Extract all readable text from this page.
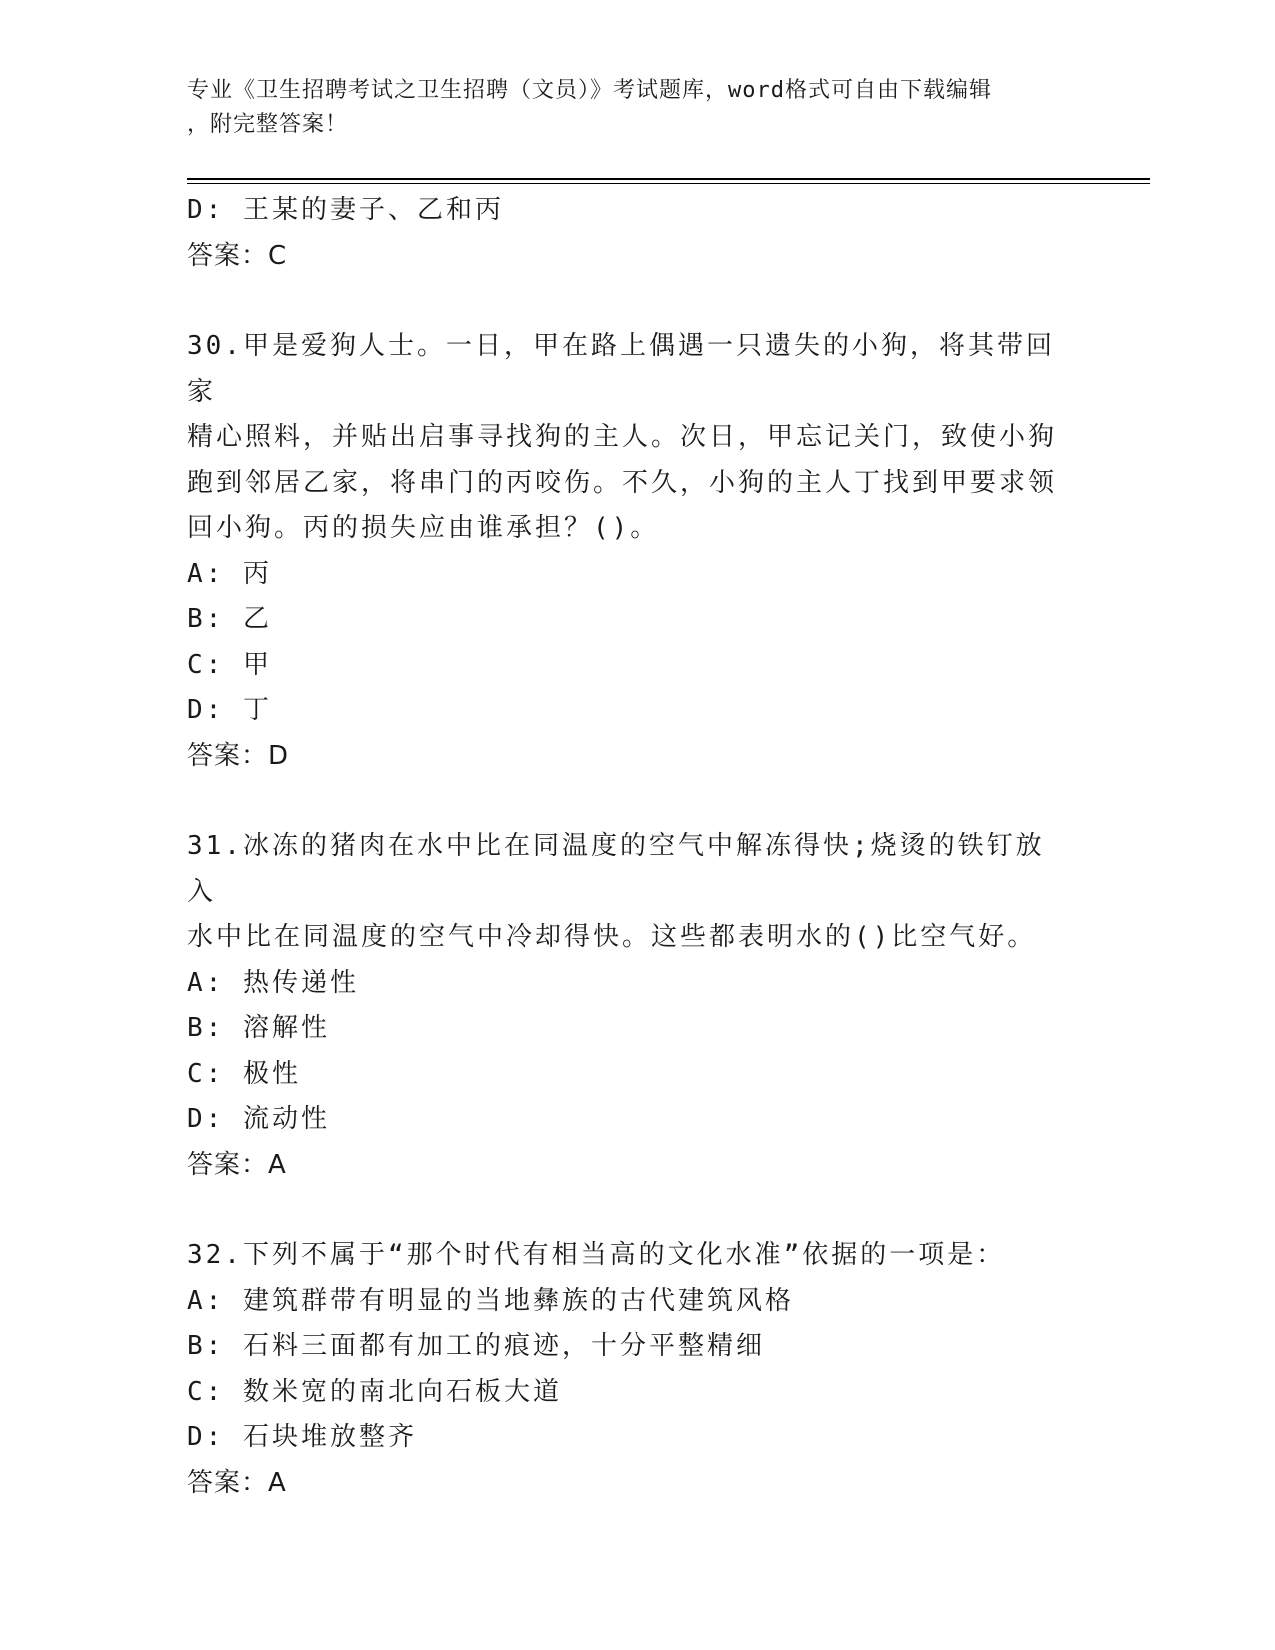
专业《卫生招聘考试之卫生招聘（文员）》考试题库，word格式可自由下载编辑
，附完整答案！
D: 王某的妻子、乙和丙
答案：C
30.甲是爱狗人士。一日，甲在路上偶遇一只遗失的小狗，将其带回家
精心照料，并贴出启事寻找狗的主人。次日，甲忘记关门，致使小狗
跑到邻居乙家，将串门的丙咬伤。不久，小狗的主人丁找到甲要求领
回小狗。丙的损失应由谁承担？()。
A: 丙
B: 乙
C: 甲
D: 丁
答案：D
31.冰冻的猪肉在水中比在同温度的空气中解冻得快;烧烫的铁钉放入
水中比在同温度的空气中冷却得快。这些都表明水的()比空气好。
A: 热传递性
B: 溶解性
C: 极性
D: 流动性
答案：A
32.下列不属于“那个时代有相当高的文化水准”依据的一项是：
A: 建筑群带有明显的当地彝族的古代建筑风格
B: 石料三面都有加工的痕迹，十分平整精细
C: 数米宽的南北向石板大道
D: 石块堆放整齐
答案：A
